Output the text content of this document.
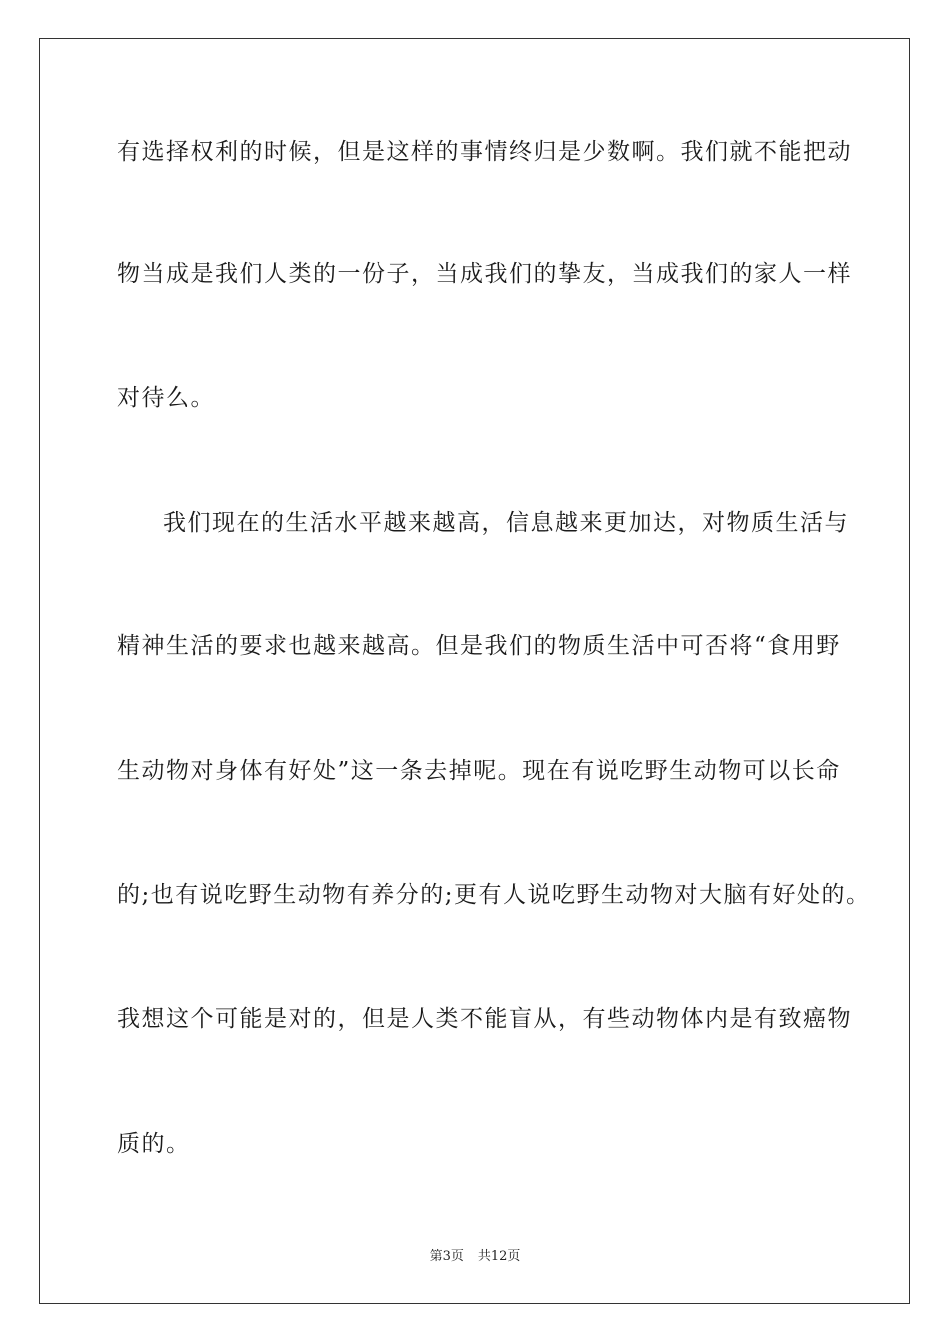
有选择权利的时候，但是这样的事情终归是少数啊。我们就不能把动
物当成是我们人类的一份子，当成我们的挚友，当成我们的家人一样
对待么。
我们现在的生活水平越来越高，信息越来更加达，对物质生活与
精神生活的要求也越来越高。但是我们的物质生活中可否将“食用野
生动物对身体有好处”这一条去掉呢。现在有说吃野生动物可以长命
的;也有说吃野生动物有养分的;更有人说吃野生动物对大脑有好处的。
我想这个可能是对的，但是人类不能盲从，有些动物体内是有致癌物
质的。
第3页 共12页
